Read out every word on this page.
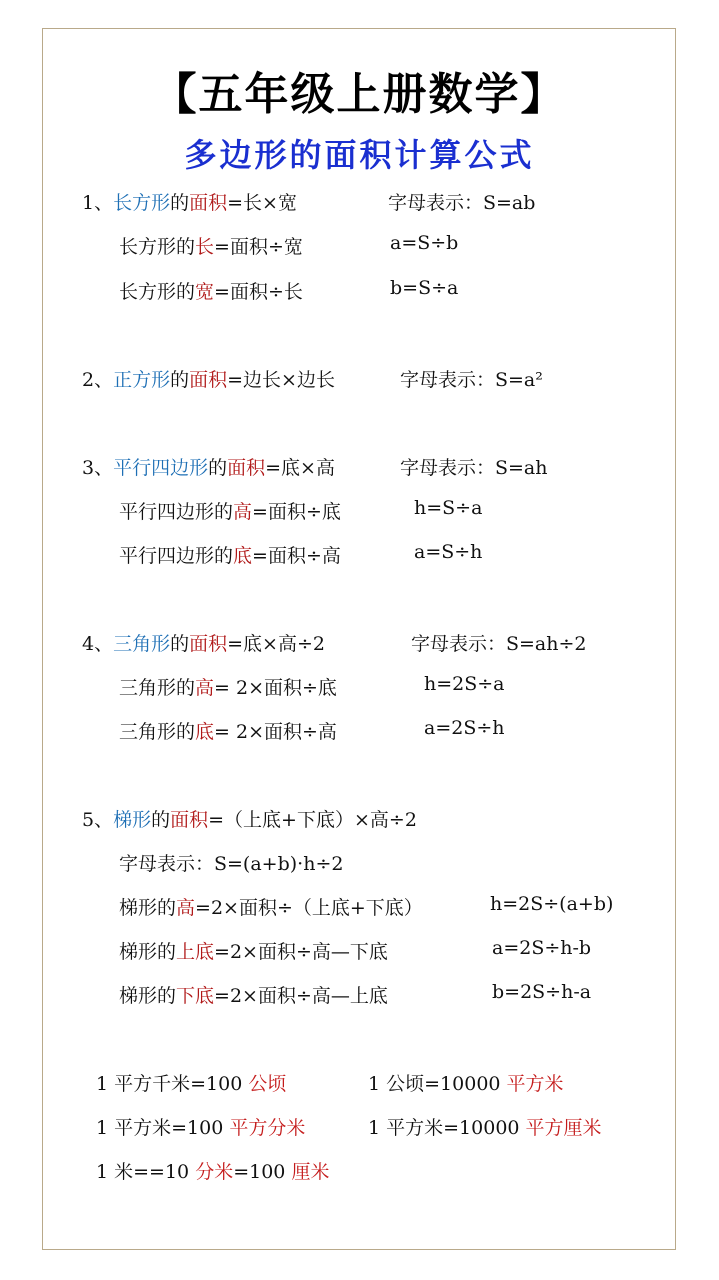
【五年级上册数学】
多边形的面积计算公式
1、长方形的面积=长×宽	字母表示：S=ab
长方形的长=面积÷宽	a=S÷b
长方形的宽=面积÷长	b=S÷a
2、正方形的面积=边长×边长	字母表示：S=a²
3、平行四边形的面积=底×高	字母表示：S=ah
平行四边形的高=面积÷底	h=S÷a
平行四边形的底=面积÷高	a=S÷h
4、三角形的面积=底×高÷2	字母表示：S=ah÷2
三角形的高= 2×面积÷底	h=2S÷a
三角形的底= 2×面积÷高	a=2S÷h
5、梯形的面积=（上底+下底）×高÷2
字母表示：S=(a+b)·h÷2
梯形的高=2×面积÷（上底+下底）	h=2S÷(a+b)
梯形的上底=2×面积÷高—下底	a=2S÷h-b
梯形的下底=2×面积÷高—上底	b=2S÷h-a
1 平方千米=100 公顷	1 公顷=10000 平方米
1 平方米=100 平方分米	1 平方米=10000 平方厘米
1 米==10 分米=100 厘米
